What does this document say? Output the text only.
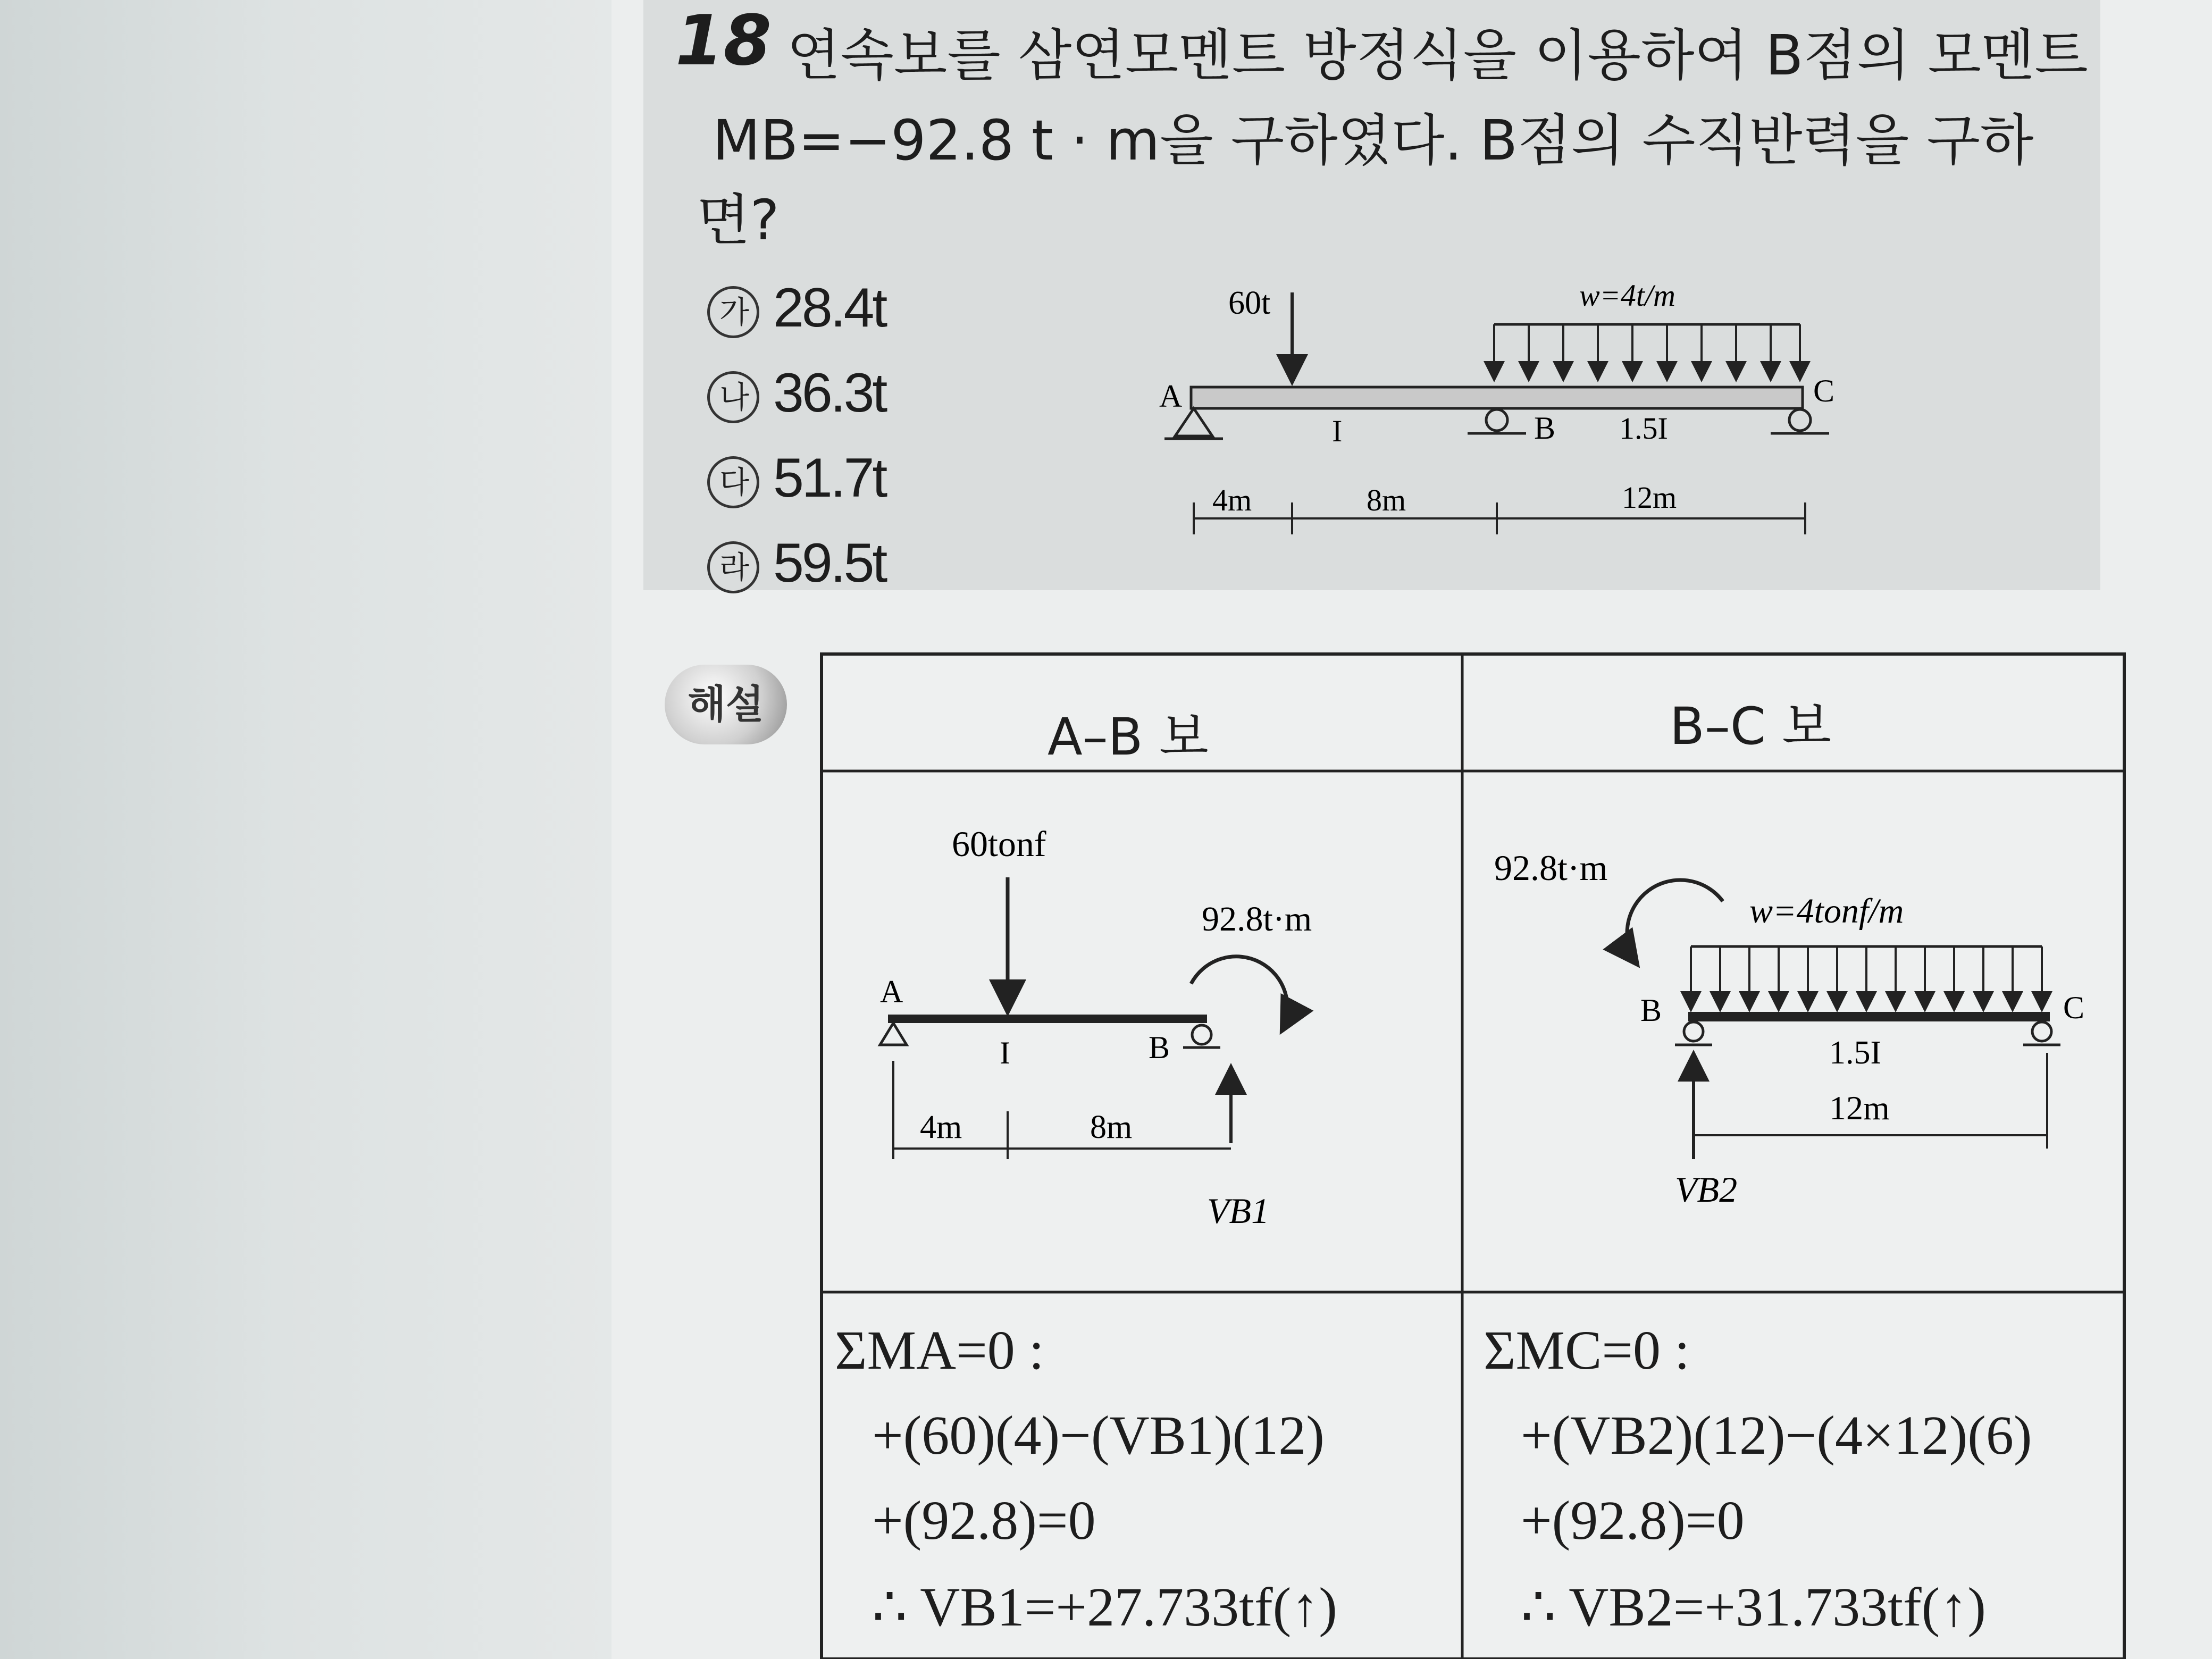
18 연속보를 삼연모멘트 방정식을 이용하여 B점의 모멘트
MB=−92.8 t · m을 구하였다. B점의 수직반력을 구하
면?
가 28.4t
나 36.3t
다 51.7t
라 59.5t
60t	w=4t/m
A
B
C
I	1.5I
4m	8m	12m
해설
A–B 보	B–C 보
60tonf
92.8t·m
A
I	B
4m	8m
VB1
92.8t·m
w=4tonf/m
B	C
1.5I
12m
VB2
ΣMA=0 :
+(60)(4)−(VB1)(12)
+(92.8)=0
∴ VB1=+27.733tf(↑)
ΣMC=0 :
+(VB2)(12)−(4×12)(6)
+(92.8)=0
∴ VB2=+31.733tf(↑)
